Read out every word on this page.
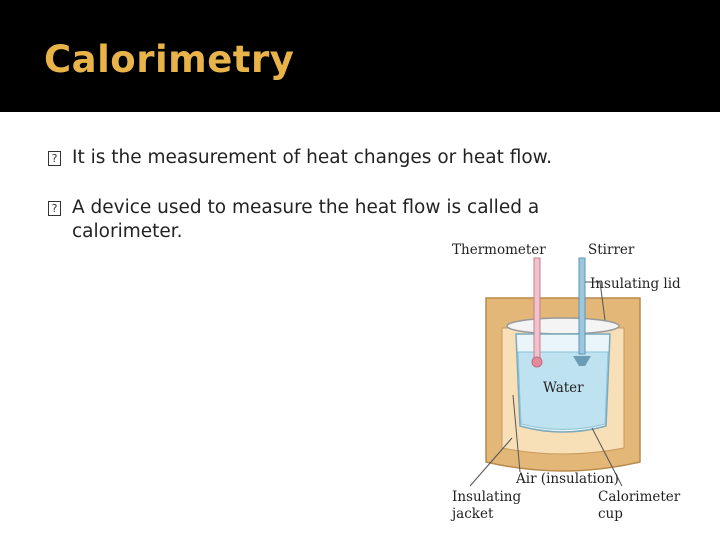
Calorimetry
? It is the measurement of heat changes or heat flow.
? A device used to measure the heat flow is called a calorimeter.
Thermometer	Stirrer
Insulating lid
Water
Air (insulation)
Insulating
jacket
Calorimeter
cup
